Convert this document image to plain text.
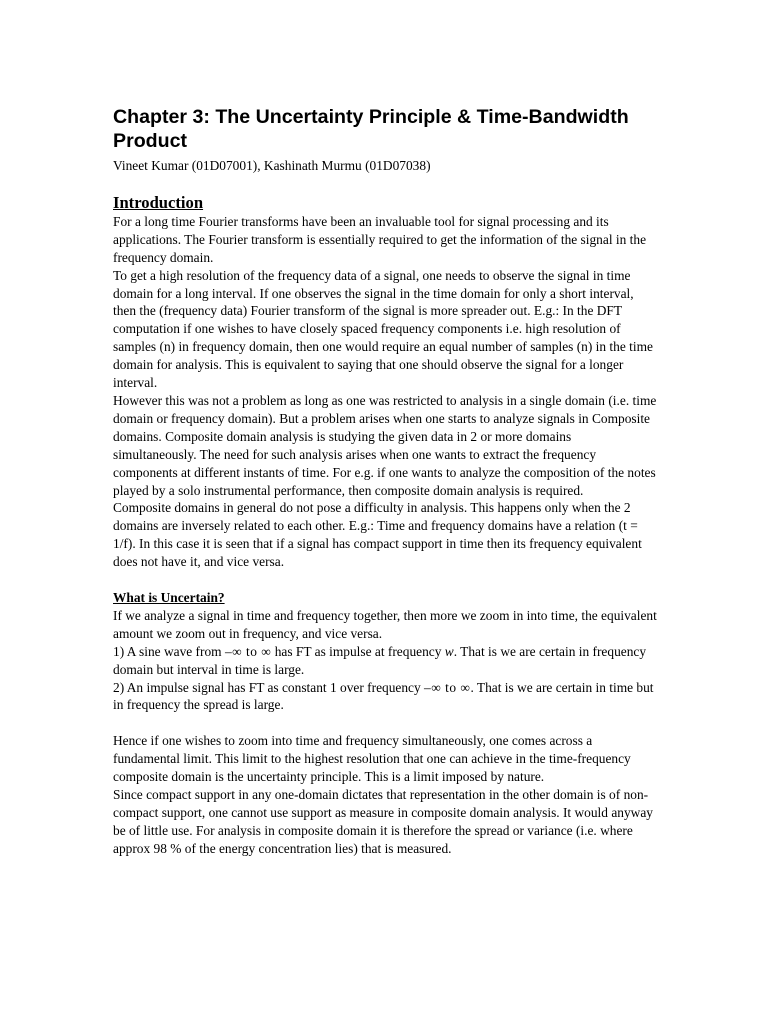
Chapter 3: The Uncertainty Principle & Time-Bandwidth
Product
Vineet Kumar (01D07001), Kashinath Murmu (01D07038)
Introduction

For a long time Fourier transforms have been an invaluable tool for signal processing and its applications. The Fourier transform is essentially required to get the information of the signal in the frequency domain.

To get a high resolution of the frequency data of a signal, one needs to observe the signal in time domain for a long interval. If one observes the signal in the time domain for only a short interval, then the (frequency data) Fourier transform of the signal is more spreader out. E.g.: In the DFT computation if one wishes to have closely spaced frequency components i.e. high resolution of samples (n) in frequency domain, then one would require an equal number of samples (n) in the time domain for analysis. This is equivalent to saying that one should observe the signal for a longer interval.

However this was not a problem as long as one was restricted to analysis in a single domain (i.e. time domain or frequency domain). But a problem arises when one starts to analyze signals in Composite domains. Composite domain analysis is studying the given data in 2 or more domains simultaneously. The need for such analysis arises when one wants to extract the frequency components at different instants of time. For e.g. if one wants to analyze the composition of the notes played by a solo instrumental performance, then composite domain analysis is required.

Composite domains in general do not pose a difficulty in analysis. This happens only when the 2 domains are inversely related to each other. E.g.: Time and frequency domains have a relation (t = 1/f). In this case it is seen that if a signal has compact support in time then its frequency equivalent does not have it, and vice versa.

What is Uncertain?

If we analyze a signal in time and frequency together, then more we zoom in into time, the equivalent amount we zoom out in frequency, and vice versa.

1) A sine wave from –∞ to ∞ has FT as impulse at frequency w. That is we are certain in frequency domain but interval in time is large.

2) An impulse signal has FT as constant 1 over frequency –∞ to ∞. That is we are certain in time but in frequency the spread is large.

Hence if one wishes to zoom into time and frequency simultaneously, one comes across a fundamental limit. This limit to the highest resolution that one can achieve in the time-frequency composite domain is the uncertainty principle. This is a limit imposed by nature.

Since compact support in any one-domain dictates that representation in the other domain is of non-compact support, one cannot use support as measure in composite domain analysis. It would anyway be of little use. For analysis in composite domain it is therefore the spread or variance (i.e. where approx 98 % of the energy concentration lies) that is measured.
